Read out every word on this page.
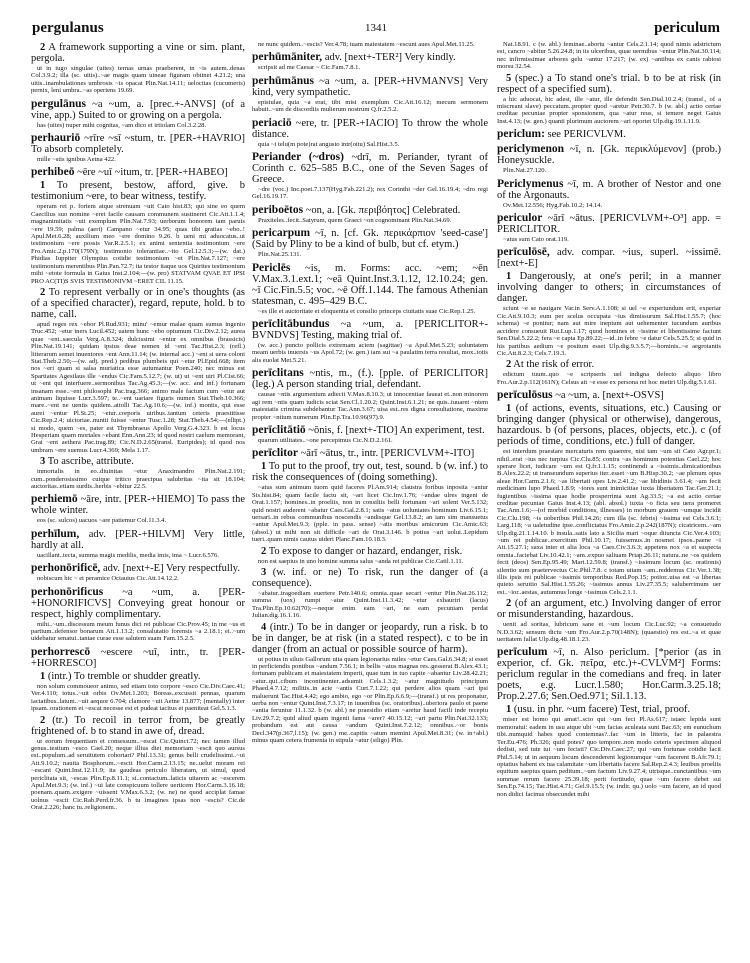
pergulanus	1341	periculum
2 A framework supporting a vine or sim. plant, pergola.
ut in iugo singulae (uites) ternas urnas praeberent, in ~is autem..denas Col.3.9.2; illa (sc. uitis)..~ae magis quam uineae figuram obtinet 4.21.2; una uitis..inambulationes umbrosis ~is opacat Plin.Nat.14.11; uelocitas (cucumeris) pernix, leni umbra..~as operiens 19.69.
pergulānus ~a ~um, a. [prec.+-ANVS] (of a vine, app.) Suited to or growing on a pergola.
has (uites) nuper mihi cognitas, ~am dico et irtiolam Col.3.2.28.
perhauriō ~rīre ~sī ~stum, tr. [PER-+HAVRIO] To absorb completely.
mille ~stis ignibus Aetna 422.
perhibeō ~ēre ~uī ~itum, tr. [PER-+HABEO]
1 To present, bestow, afford, give. b testimonium ~ere, to bear witness, testify.
operam rei p. fortem atque strenuam ~uit Cato hist.83; qui sine eo quem Caecilius suo nomine ~eret facile causam communem sustineret Cic.Att.1.1.4; magnanimitatis ~uit exemplum Plin.Nat.7.93; uerborum honorem tam paruis ~ere 19.59; palma (aeri) Campano ~etur 34.95; quas tibi gratias ~ebo..! Apul.Met.6.28; auxilium meo ~ere domino 9.26. b ueni mi aduocatus..ut testimonium ~ere possis Var.R.2.5.1; ex animi sententia testimonium ~ere Fro.Amic.2.p.170(179N); testimonio tolerantiae..~ito Gel.12.5.3;—(w. dat.) Phidias Iuppiter Olympius cotidie testimonium ~et Plin.Nat.7.127; ~ere testimonium merentibus Plin.Pan.72.7; ita testor itaque uos Quirites testimonium mihi ~etote formula in Gaius Inst.2.104;—(w. pro) STATVAM QVAE ET IPSI PRO AC(TI)S SVIS TESTIMONIVM ~ERET CIL 11.15.
2 To represent verbally or in one's thoughts (as of a specified character), regard, repute, hold. b to name, call.
apud reges rex ~ebor Pl.Rud.931; minu' ~emur malae quam sumus ingenio Truc.452; ~etur iners Lucil.452; uatem hunc ~ebo optumum Cic.Div.2.12; aurea quae ~ent..saecula Verg.A.8.324; dulcissimi ~entur ex omnibus (brassicis) Plin.Nat.19.141; quidam ipsius deae nomen id ~ent Tac.Hist.2.3; (refl.) litterarum semet inuentores ~ent Ann.11.14; (w. internal acc.) ~ent si uera coloni Stat.Theb.2.50;—(w. adj. pred.) pedibus plumbeis qui ~etur Pl.Epid.668; item nos ~eri quam si salsa muriatica esse autumantur Poen.240; nec minus est Spartiates Agesilaus ille ~endus Cic.Fam.5.12.7; (w. ut) ut ~ent uiri Pl.Cist.66; ut ~ent qui interfuere..sermonibus Tac.Ag.45.3;—(w. acc. and inf.) fortunam insanam esse..~ent philosophi Pac.trag.366; animo male factum cum ~etur aut animam liquisse Lucr.3.597; te..~ent uariare figuris numen Stat.Theb.10.366; mare..~ent ne uentis quidem..attolli Tac.Ag.10.6;—(w. inf.) montis, qui esse aurei ~entur Pl.St.25; ~etur..corporis uiribus..tantum ceteris praestitisse Cic.Rep.2.4; uictoriae..nuntii fuisse ~entur Tusc.1.28; Stat.Theb.4.54;—(ellipt.) si modo, quem ~es, pater est Thymbraeus Apollo Verg.G.4.323. b est locus Hesperiam quam mortales ~ebant Enn.Ann.23; id quod nostri caelum memorant, Grai ~ent aethera Pac.trag.89; Cic.N.D.2.65(transl. Euripides); id quod nos umbram ~ere suemus Lucr.4.369; Mela 1.17.
3 To ascribe, attribute.
inmortalis in eo..diuinitas ~etur Anaximandro Plin.Nat.2.191; cum..ponderosissimo cuique tritico praecipua salubritas ~ita sit 18.104; auctoritas..etiam surdis..herbis ~ebitur 22.5.
perhiemō ~āre, intr. [PER-+HIEMO] To pass the whole winter.
eos (sc. sulcos) uacuos ~are patiemur Col.11.3.4.
perhīlum, adv. [PER-+HILVM] Very little, hardly at all.
uacillant..tecta, summa magis medilis, media imis, ima ~ Lucr.6.576.
perhonōrificē, adv. [next+-E] Very respectfully.
nobiscum hic ~ et peramice Octauius Cic.Att.14.12.2.
perhonōrificus ~a ~um, a. [PER-+HONORIFICVS] Conveying great honour or respect, highly complimentary.
mihi..~um..discessum meum funus dici rei publicae Cic.Prov.45; in me ~us et partium..defensor bonarum Att.1.13.2; consalutatio forensis ~a 2.18.1; ei..~um uidebatur senatui..tantae curae esse salutem suam Fam.15.2.5.
perhorrescō ~escere ~uī, intr., tr. [PER-+HORRESCO]
1 (intr.) To tremble or shudder greatly.
non solum commoueor animo, sed etiam toto corpore ~esco Cic.Div.Caec.41; Ver.4.110; totus..~uit orbis Ov.Met.1.203; Boreas..excussit pennas, quarum iactatibus..latum..~uit aequor 6.704; clamore ~uit Aetne 13.877; (mentally) inter ipsam..orationem et ~escat necesse est et pudeat tacitus et paeniteat Gel.5.1.3.
2 (tr.) To recoil in terror from, be greatly frightened of. b to stand in awe of, dread.
ut eorum frequentiam et consessum..~escat Cic.Quinct.72; nec tamen illud genus..testium ~esco Cael.20; neque illius diei memoriam ~escit quo aursus est..populum..ad seruitutem cohortari? Phil.13.31; genus belli crudelissimi..~ui Att.9.10.2; nauita Bosphorum..~escit Hor.Carm.2.13.15; ne..uelut moram rei ~escant Quint.Inst.12.11.9; ita gaudeas periculo liberatam, ut simul, quod periclitata sit, ~escas Plin.Ep.8.11.1; si..contactum..laticis uitarem ac ~escerem Apul.Met.9.3; (w. inf.) ~ui late conspicuum tollere uerticem Hor.Carm.3.16.18; poenam..quam..exigere ~uissent V.Max.6.3.2; (w. ne) ne quod acciplat famae uolnus ~escit Cic.Rab.Perd.fr.36. b tu imagines ipsas non ~escis? Cic.de Orat.2.226; hanc tu..religionem..
ne nunc quidem..~escis? Ver.4.78; tuam maiestatem ~escunt aues Apul.Met.11.25.
perhūmāniter, adv. [next+-TER²] Very kindly.
scripsit ad me Caesar ~ Cic.Fam.7.8.1.
perhūmānus ~a ~um, a. [PER-+HVMANVS] Very kind, very sympathetic.
epistulae, quia ~a erat, tibi misi exemplum Cic.Att.16.12; mecum sermonem habuit..~um de discordiis mulierum nostrum Q.fr.2.5.2.
periaciō ~ere, tr. [PER-+IACIO] To throw the whole distance.
quia ~i telu(m pote)rat angusto intr(oitu) Sal.Hist.3.5.
Periander (~dros) ~drī, m. Periander, tyrant of Corinth c. 625–585 B.C., one of the Seven Sages of Greece.
~dre (voc.) Inc.poet.7.137(Hyg.Fab.221.2); rex Corinthi ~der Gel.16.19.4; ~dro regi Gel.16.19.17.
periboētos ~on, a. [Gk. περιβόητος] Celebrated.
Praxiteles..fecit..Satyrum, quem Graeci ~on cognominant Plin.Nat.34.69.
pericarpum ~ī, n. [cf. Gk. περικάρπιον 'seed-case'] (Said by Pliny to be a kind of bulb, but cf. etym.)
Plin.Nat.25.131.
Periclēs ~is, m. Forms: acc. ~em; ~ēn V.Max.3.1.ext.1; ~eā Quint.Inst.3.1.12, 12.10.24; gen. ~ī Cic.Fin.5.5; voc. ~ē Off.1.144. The famous Athenian statesman, c. 495–429 B.C.
~es ille et auctoritate et eloquentia et consilio princeps ciuitatis suae Cic.Rep.1.25.
perīclitābundus ~a ~um, a. [PERICLITOR+-BVNDVS] Testing, making trial of.
(w. acc.) puncto pollicis extremam aciem (sagittae) ~a Apul.Met.5.23; uoluntatem meam uerbis inuersis ~us Apol.72; (w. gen.) iam sui ~a paulatim terra resultat, mox..totis alis euolat Met.5.21.
perīclitans ~ntis, m., (f.). [pple. of PERICLITOR] (leg.) A person standing trial, defendant.
causae ~ntis argumentum adiecit V.Max.8.10.3; ut innocentiae faueat et..non minorem agi rem ~ntis quam iudicis sciat Sen.Cl.1.20.2; Quint.Inst.6.1.21; ne quis..iuuaret ~ntem maiestatis crimina subdebantur Tac.Ann.3.67; uisa est..res digna consultatione, maxime propter ~ntium numerum Plin.Ep.Tra.10.96(97).9.
perīclitātiō ~ōnis, f. [next+-TIO] An experiment, test.
quarum utilitates..~one percepimus Cic.N.D.2.161.
perīclitor ~ārī ~ātus, tr., intr. [PERICVLVM+-ITO]
1 To put to the proof, try out, test, sound. b (w. inf.) to risk the consequences of (doing something).
~atus sum animum tuom quid faceres Pl.Am.914; claustra foribus inposita ~antur Sis.hist.84; quam facile factu sit, ~ari licet Cic.Inv.1.76; ~andae ulres ingeni de Orat.1.157; homines..in proeliis, non in consiliis belli fortunam ~ari solent Ver.5.132; quid nostri auderent ~abatur Caes.Gal.2.8.1; satis ~atus uoluntates hominum Liv.6.15.1; uersari..in rebus communibus noscendis ~andisque Gel.13.8.2; an iam sim mansuetus ~antur Apul.Met.9.3; (pple. in pass. sense) ~atis moribus amicorum Cic.Amic.63; (absol.) ut mihi non sit difficile ~ari de Orat.3.146. b potius ~ari uolui..Lepidum tueri..quam nimis cautus uideri Planc.Fam.10.18.3.
2 To expose to danger or hazard, endanger, risk.
non est saepius in uno homine summa salus ~anda rei publicae Cic.Catil.1.11.
3 (w. inf. or ne) To risk, run the danger of (a consequence).
~abatur..tragoediam euertere Petr.140.6; omnia..quae secari ~entur Plin.Nat.26.112; summa (uox) rumpi ~atur Quint.Inst.11.3.42; ~etur exhauriri (lacus) Tra.Plin.Ep.10.62(70);—neque enim eam ~ari, ne eam pecuniam perdat Julian.dig.16.1.16.
4 (intr.) To be in danger or jeopardy, run a risk. b to be in danger, be at risk (in a stated respect). c to be in danger (from an actual or possible source of harm).
ut potius in siluis Gallorum uita quam legionarius miles ~etur Caes.Gal.6.34.8; si esset in perficiendis pontibus ~andum 7.56.1; in bellis ~atus magnas res..gesserat B.Alex.43.1; fortunam publicam et maiestatem imperii, quae tum in tuo capite ~abantur Liv.28.42.21; ~atur..qui..cibum incontinenter..adsumit Cels.1.3.2; ~atur magnitudo principum Phaed.4.7.12; militis..in acie ~antis Curt.7.1.22; qui perdere alios quam ~ari ipsi maluerunt Tac.Hist.4.42; ego ambio, ego ~or Plin.Ep.6.6.9;—(transf.) ut res proponatur, uerba non ~entur Quint.Inst.7.3.17; in iuuenibus (sc. oratoribus)..uberiora paulo et paene ~antia feruntur 11.1.32. b (w. abl.) ne praesidio etiam ~aretur haud facili inde receptu Liv.29.7.2; quid aliud quam ingenii fama ~arer? 40.15.12; ~ari partu Plin.Nat.32.133; probandum est aut causa ~andum Quint.Inst.7.2.12; omnibus..~or bonis Decl.347(p.367,l.15); (w. gen.) me..capitis ~atum memini Apul.Met.8.31; (w. in+abl.) minus quam cetera frumenta in stipula ~atur (siligo) Plin.
Nat.18.91. c (w. abl.) feminae..abortu ~antur Cels.2.1.14; quod nimis adstrictum est, cancro ~abitur 5.26.24.8; in iis ulceribus, quae uermibus ~entur Plin.Nat.30.114; nec infirmissimae arbores gelu ~antur 17.217; (w. ex) ~antibus ex canis rabiosi morsu 32.54.
5 (spec.) a To stand one's trial. b to be at risk (in respect of a specified sum).
a hic aduocat, hic adest, ille ~atur, ille defendit Sen.Dial.10.2.4; (transf., of a miscreant slave) peccatum..propter quod ~aretur Petr.30.7. b (w. abl.) actio certae creditae pecuniae propter sponsionem, qua ~atur reus, si temere neget Gaius Inst.4.13; (w. gen.) quanti plurimum auctorem ~ari oportet Ulp.dig.19.1.11.9.
periclum: see PERICVLVM.
periclymenon ~ī, n. [Gk. περικλύμενον] (prob.) Honeysuckle.
Plin.Nat.27.120.
Periclymenus ~ī, m. A brother of Nestor and one of the Argonauts.
Ov.Met.12.556; Hyg.Fab.10.2; 14.14.
periculor ~ārī ~ātus. [PERICVLVM+-O³] app. = PERICLITOR.
~atus sum Cato orat.119.
perīculōsē, adv. compar. ~ius, superl. ~issimē. [next+-E]
1 Dangerously, at one's peril; in a manner involving danger to others; in circumstances of danger.
sciunt ~e se nauigare Var.in Serv.A.1.108; si uel ~e experiundum erit, experiar Cic.Att.9.10.3; eum per scelus occupata ~ius dimissurum Sal.Hist.1.55.7; (hoc schema) ~e ponitur; nam aut mire ineptum aut uehementer iucundum auribus accidere consueuit Rut.Lup.1.17; quod homines et ~issime et libentissime faciunt Sen.Dial.5.22.2; fera ~e capta Ep.89.22;—id..in febre ~e datur Cels.5.25.5; si quid in his partibus aedium ~e positum esset Ulp.dig.9.3.5.7;—hominis..~e aegrotantis Cic.Att.8.2.3; Cels.7.19.3.
2 At the risk of error.
edictum tuum..quo ~e scripseris uel indigna defecto aliquo libro Fro.Aur.2.p.112(161N); Celsus ait ~e esse ex persona rei hoc metiri Ulp.dig.5.1.61.
perīculōsus ~a ~um, a. [next+-OSVS]
1 (of actions, events, situations, etc.) Causing or bringing danger (physical or otherwise), dangerous, hazardous. b (of persons, places, objects, etc.). c (of periods of time, conditions, etc.) full of danger.
est interdum praestare mercaturis rem quaerere, nisi tam ~um sit Cato Agr.pr.1; nihil..erat ~ius nec turpius Cic.Clu.85; contra ~as hominum potentias Cael.22; hoc sperare licet, iudicare ~um est Q.fr.1.1.15; continendi a ~issimis..dimicationibus B.Alex.22.2; ut transeundum superius iter..esset ~um B.Hisp.30.2; ~ae plenum opus aleae Hor.Carm.2.1.6; ~as libertati opes Liv.2.41.2; ~ae libidinis 3.61.4; ~am fecit medicinam lupo Phaed.1.8.9; ~iores sunt inimicitiae iuxta libertatem Tac.Ger.21.1; fugientibus ~issima quae hodie prosperrima sunt Ag.33.5; ~a est actio certae creditae pecuniae Gaius Inst.4.13; (abl. absol.) iuxta ~o ficta seu uera promeret Tac.Ann.1.6;—(of morbid conditions, illnesses) in morbum grauem ~umque incidit Cic.Clu.198; ~is uoberibus Phil.14.26; cum illa (sc. febris) ~issima est Cels.3.6.1; Larg.118; ~a ualetudine ipse..conflictatus Fro.Amic.2.p.242(187N); cicatricem..~am Ulp.dig.21.1.14.10. b insula..satis lato a Sicilia mari ~oque diiuncta Cic.Ver.4.103; ~um rei publicae..exercitum Phil.10.17; fuissemus..in nosmet ipsos..paene ~i Att.15.27.1; saxa inter et alia loca ~a Caes.Civ.3.6.3; appetens nox ~a et suspecta omnia..faciebat Liv.10.42.1; ~am..expuo saliuam Priap.26.11; natura..ne ~os quidem fecit (deos) Sen.Ep.95.49; Mart.12.59.8; (transf.) ~issimum locum (sc. orationis) silentio sum praetervectus Cic.Phil.7.8. c totam uitam ~am..reddemus Cic.Ver.1.38; illis ipsis rei publicae ~issimis temporibus Red.Pop.15; potior..uisa est ~a libertas quieto seruitio Sal.Hist.1.55.26; ~issimus annus Liv.27.35.5; saluberrimum uer est..~ior..aestas, autumnus longe ~issimus Cels.2.1.1.
2 (of an argument, etc.) Involving danger of error or misunderstanding, hazardous.
uenit ad soritas, lubricum sane et ~um locum Cic.Luc.92; ~a consuetudo N.D.3.62; sensum dictu ~um Fro.Aur.2.p.70(148N); (quaestio) res est..~a et quae ueritatem fallat Ulp.dig.48.18.1.23.
perīculum ~ī, n. Also periclum. [*perior (as in experior, cf. Gk. πεῖρα, etc.)+-CVLVM²] Forms: periclum regular in the comedians and freq. in later poets, e.g. Lucr.1.580; Hor.Carm.3.25.18; Prop.2.27.6; Sen.Oed.971; Sil.1.13.
1 (usu. in phr. ~um facere) Test, trial, proof.
miser est homo qui amat!..scio qui ~um feci Pl.As.617; istaec lepida sunt memoratui: eadem in usu atque ubi ~um facias aculeata sunt Bac.63; em eunuchum tibi..numquid habes quod contemnas?..fac ~um in litteris, fac in palaestra Ter.Eu.476; Ph.326; quid potes? quo tempore..non modo ceteris specimen aliquod dedisti, sed tute tui ~um fecisti? Cic.Div.Caec.27; qui ~um fortunae cotidie facit Phil.5.14; ut in aequum locum descenderent legionumque ~um facerent B.Afr.79.1; optatius habent ex tua calamitate ~um libertatis facere Sal.Rep.2.4.3; leuibus proeliis equitum saepius quam peditum..~um factum Liv.9.27.4; utrisque..cunctantibus ~um summae rerum facere 25.39.18; perit fortitudo, quae ~um facere debet sui Sen.Ep.74.15; Tac.Hist.4.71; Gel.9.15.5; (w. indir. qu.) uolo ~um facere, an id quod non didici facinus obsecundet mihi
